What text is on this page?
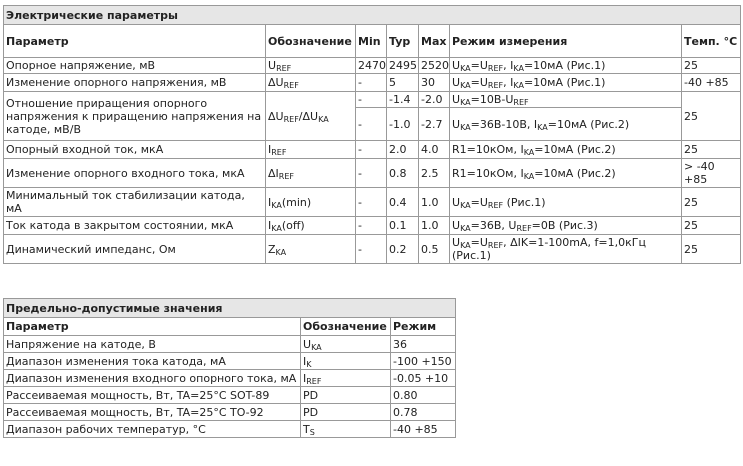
Электрические параметры						
Параметр	Обозначение	Min	Typ	Max	Режим измерения	Темп. °C
Опорное напряжение, мВ	$U_{REF}$	2470	2495	2520	$U_{KA}=U_{REF}$, $I_{KA}=10мА$ (Рис.1)	25
Изменение опорного напряжения, мВ	$\Delta U_{REF}$	-	5	30	$U_{KA}=U_{REF}$, $I_{KA}=10мА$ (Рис.1)	-40 +85
Отношение приращения опорного напряжения к приращению напряжения на катоде, мВ/В	$\Delta U_{REF}/\Delta U_{KA}$	-	-1.4	-2.0	$U_{KA}=10В-U_{REF}$	25
		-	-1.0	-2.7	$U_{KA}=36В-10В$, $I_{KA}=10мА$ (Рис.2)	
Опорный входной ток, мкА	$I_{REF}$	-	2.0	4.0	R1=10кОм, $I_{KA}=10мА$ (Рис.2)	25
Изменение опорного входного тока, мкА	$\Delta I_{REF}$	-	0.8	2.5	R1=10кОм, $I_{KA}=10мА$ (Рис.2)	> -40 +85
Минимальный ток стабилизации катода, мА	$I_{KA}(\min)$	-	0.4	1.0	$U_{KA}=U_{REF}$ (Рис.1)	25
Ток катода в закрытом состоянии, мкА	$I_{KA}(off)$	-	0.1	1.0	$U_{KA}=36В$, $U_{REF}=0В$ (Рис.3)	25
Динамический импеданс, Ом	$Z_{KA}$	-	0.2	0.5	$U_{KA}=U_{REF}$, ΔIK=1-100mA, f=1,0кГц (Рис.1)	25
Предельно-допустимые значения		
Параметр	Обозначение	Режим
Напряжение на катоде, В	$U_{KA}$	36
Диапазон изменения тока катода, мА	$I_K$	-100 +150
Диапазон изменения входного опорного тока, мА	$I_{REF}$	-0.05 +10
Рассеиваемая мощность, Вт, TA=25°C SOT-89	PD	0.80
Рассеиваемая мощность, Вт, TA=25°C TO-92	PD	0.78
Диапазон рабочих температур, °C	$T_S$	-40 +85
